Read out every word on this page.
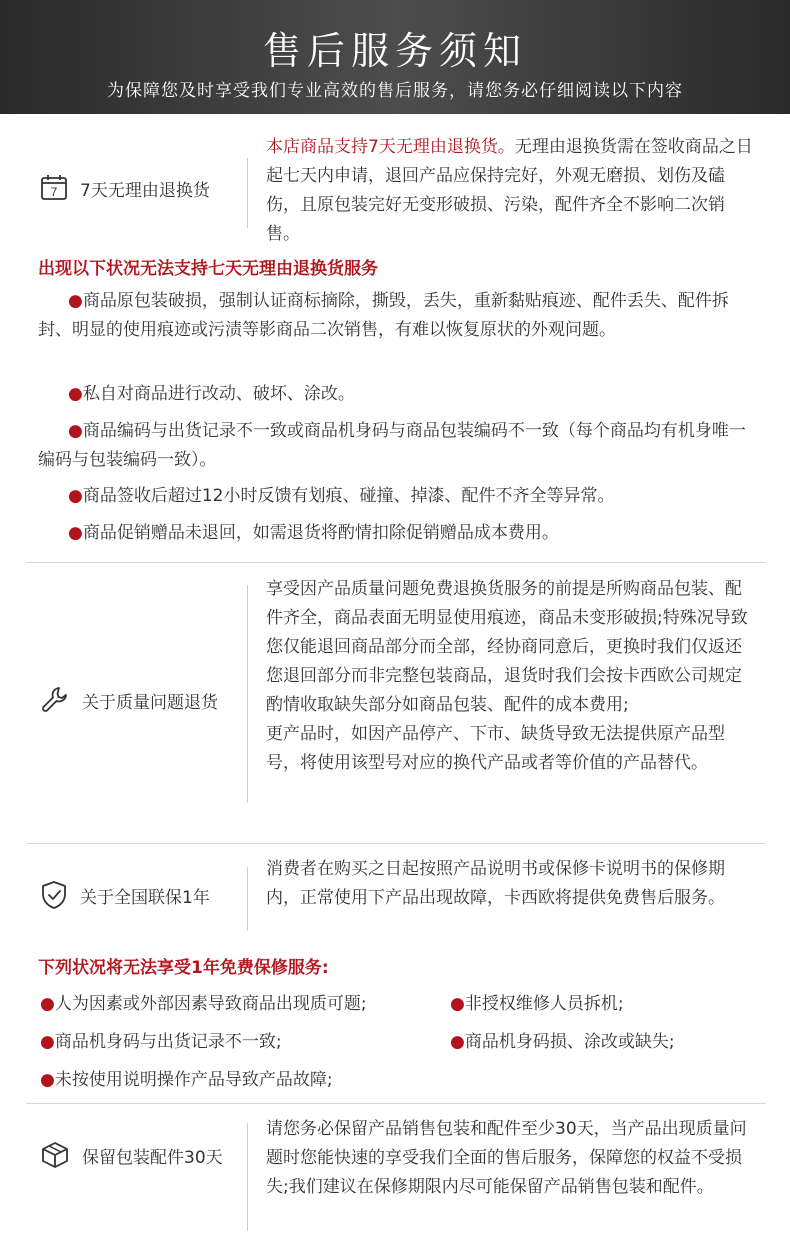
售后服务须知
为保障您及时享受我们专业高效的售后服务，请您务必仔细阅读以下内容
7 7天无理由退换货
本店商品支持7天无理由退换货。无理由退换货需在签收商品之日起七天内申请，退回产品应保持完好，外观无磨损、划伤及磕伤，且原包装完好无变形破损、污染，配件齐全不影响二次销售。
出现以下状况无法支持七天无理由退换货服务
●商品原包装破损，强制认证商标摘除，撕毁，丢失，重新黏贴痕迹、配件丢失、配件拆封、明显的使用痕迹或污渍等影商品二次销售，有难以恢复原状的外观问题。
●私自对商品进行改动、破坏、涂改。
●商品编码与出货记录不一致或商品机身码与商品包装编码不一致（每个商品均有机身唯一编码与包装编码一致）。
●商品签收后超过12小时反馈有划痕、碰撞、掉漆、配件不齐全等异常。
●商品促销赠品未退回，如需退货将酌情扣除促销赠品成本费用。
关于质量问题退货
享受因产品质量问题免费退换货服务的前提是所购商品包装、配件齐全，商品表面无明显使用痕迹，商品未变形破损;特殊况导致您仅能退回商品部分而全部，经协商同意后，更换时我们仅返还您退回部分而非完整包装商品，退货时我们会按卡西欧公司规定酌情收取缺失部分如商品包装、配件的成本费用;
更产品时，如因产品停产、下市、缺货导致无法提供原产品型号，将使用该型号对应的换代产品或者等价值的产品替代。
关于全国联保1年
消费者在购买之日起按照产品说明书或保修卡说明书的保修期内，正常使用下产品出现故障，卡西欧将提供免费售后服务。
下列状况将无法享受1年免费保修服务:
●人为因素或外部因素导致商品出现质可题;	●非授权维修人员拆机;
●商品机身码与出货记录不一致;	●商品机身码损、涂改或缺失;
●未按使用说明操作产品导致产品故障;
保留包装配件30天
请您务必保留产品销售包装和配件至少30天，当产品出现质量问题时您能快速的享受我们全面的售后服务，保障您的权益不受损失;我们建议在保修期限内尽可能保留产品销售包装和配件。
